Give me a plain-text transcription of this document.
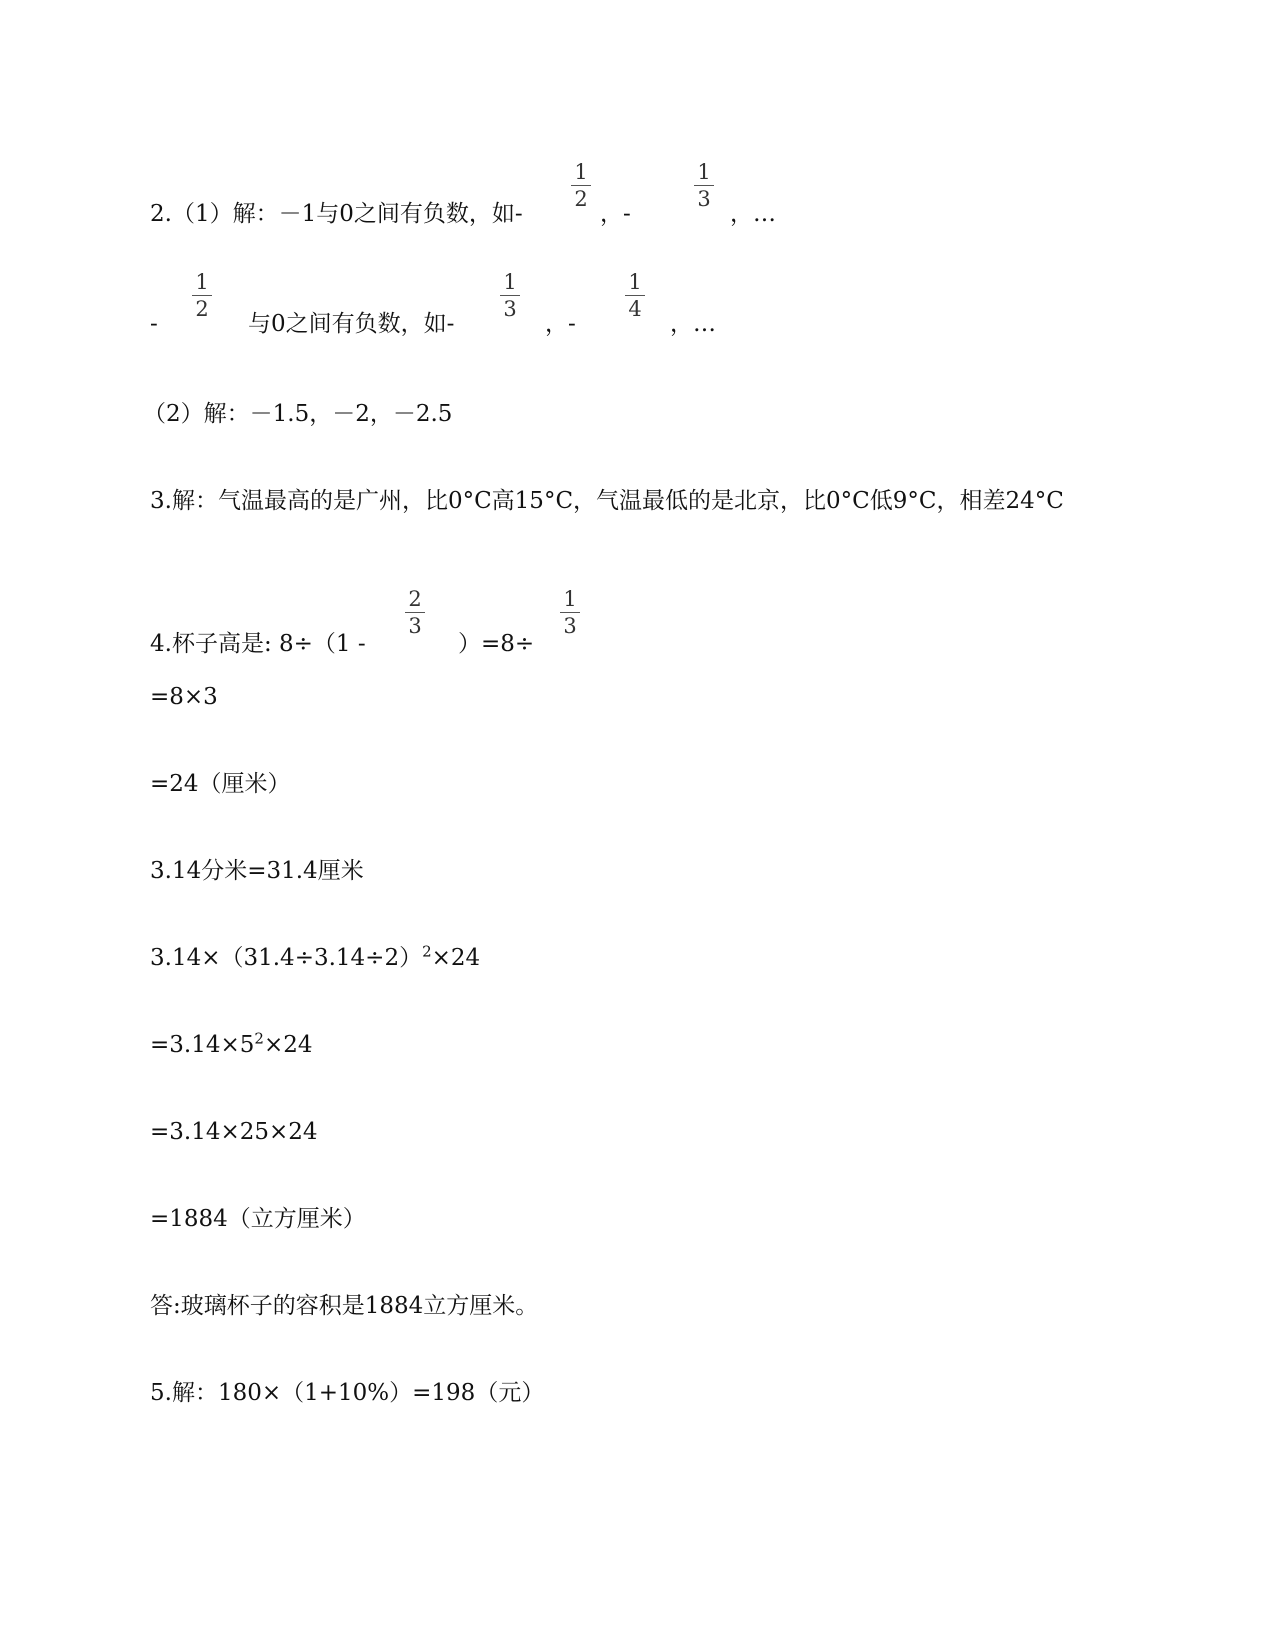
2.（1）解：－1与0之间有负数，如-	，-	，…
1
2
1
3
-	与0之间有负数，如-	，-	，…
1
2
1
3
1
4
（2）解：－1.5，－2，－2.5
3.解：气温最高的是广州，比0°C高15°C，气温最低的是北京，比0°C低9°C，相差24°C
4.杯子高是: 8÷（1 -	）=8÷
2
3
1
3
=8×3
=24（厘米）
3.14分米=31.4厘米
$3.14\times(31.4\div 3.14\div 2)^2\times 24$
$=3.14\times 5^2\times 24$
=3.14×25×24
=1884（立方厘米）
答:玻璃杯子的容积是1884立方厘米。
5.解：180×（1+10%）=198（元）
